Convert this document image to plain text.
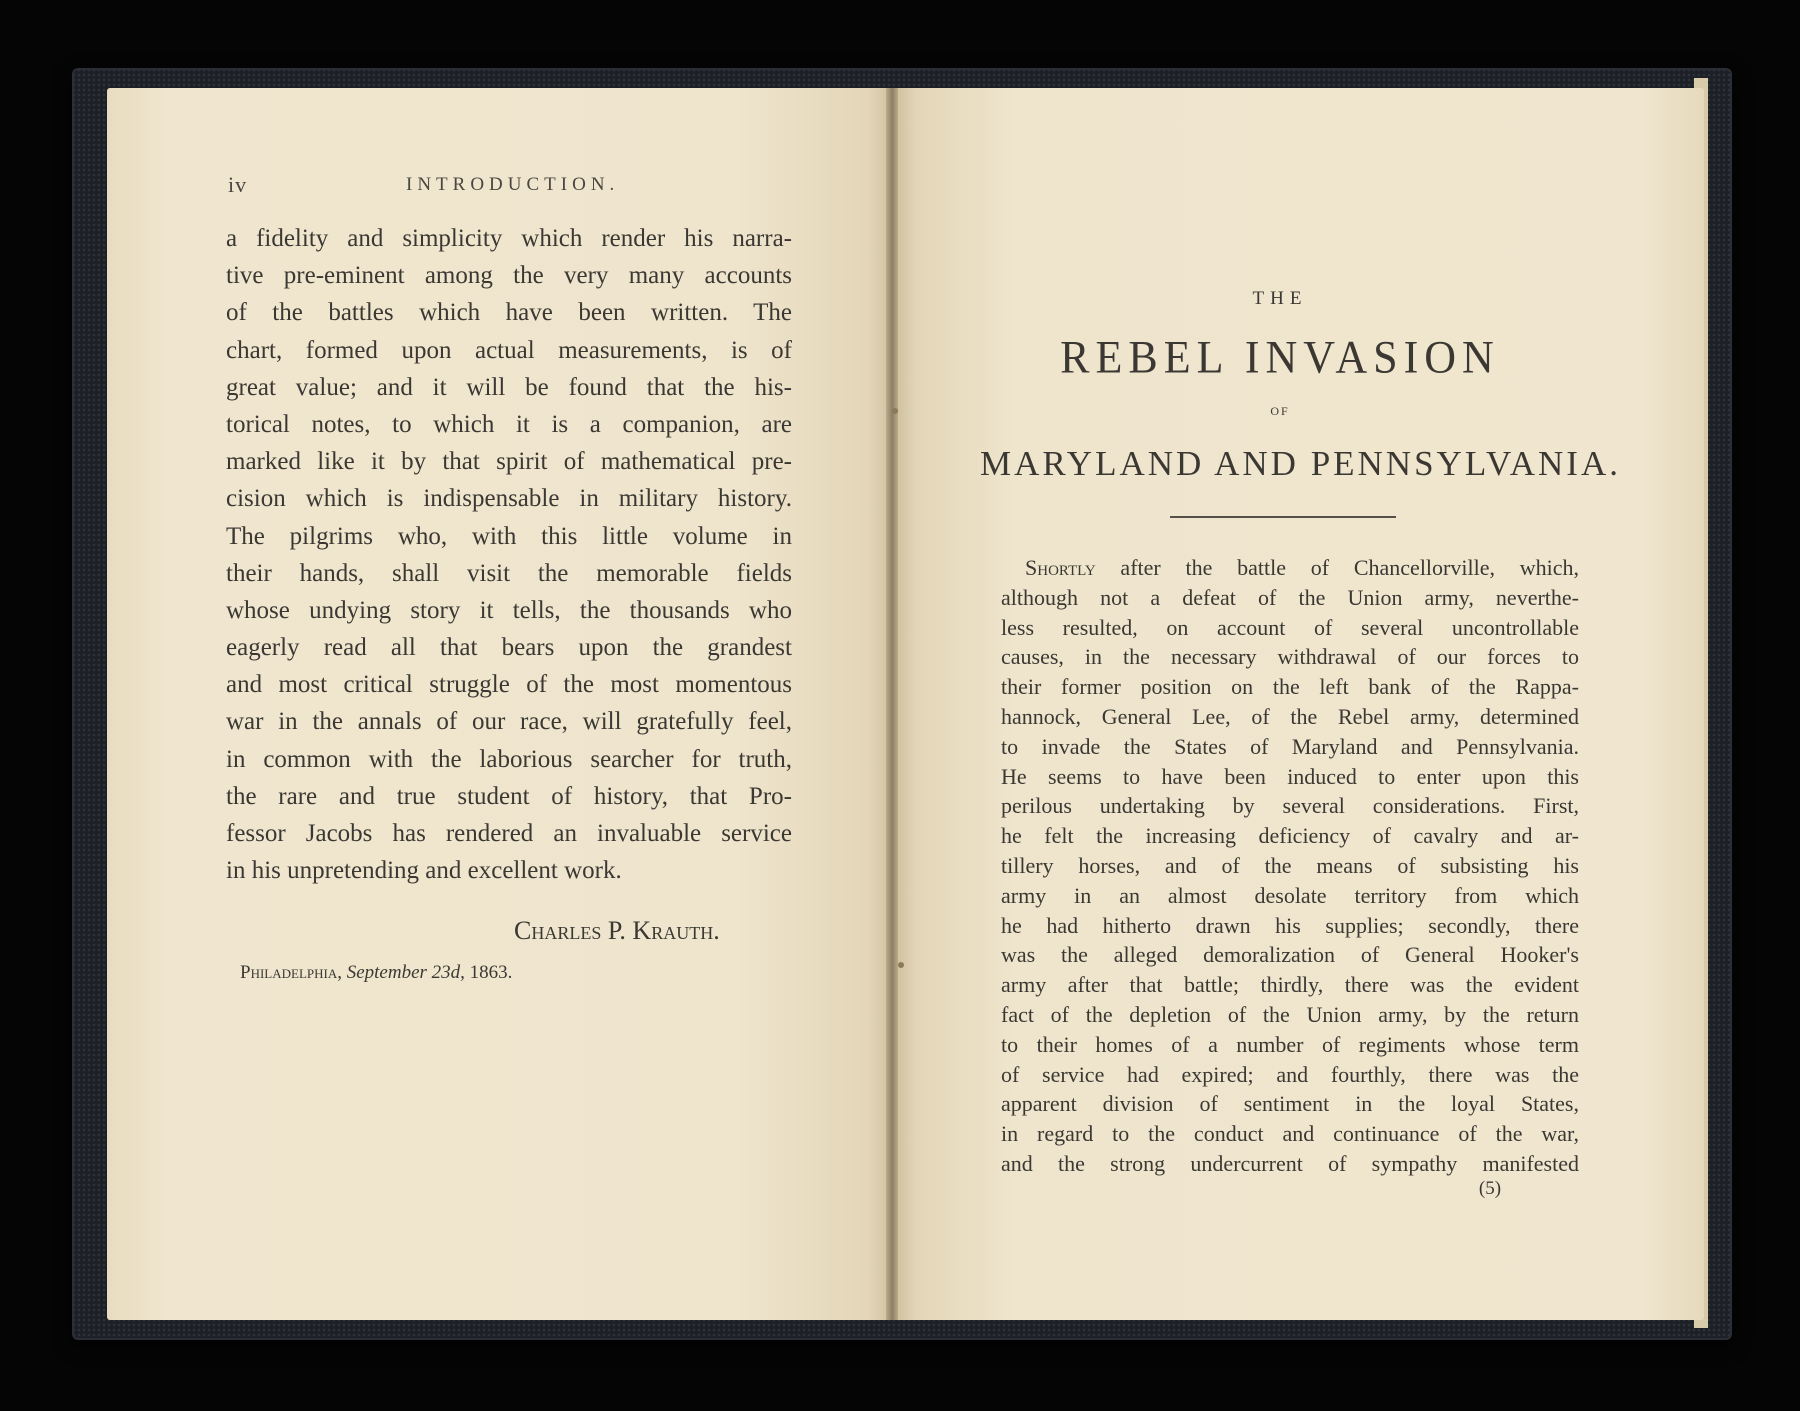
iv	INTRODUCTION.
a fidelity and simplicity which render his narra-
tive pre-eminent among the very many accounts
of the battles which have been written. The
chart, formed upon actual measurements, is of
great value; and it will be found that the his-
torical notes, to which it is a companion, are
marked like it by that spirit of mathematical pre-
cision which is indispensable in military history.
The pilgrims who, with this little volume in
their hands, shall visit the memorable fields
whose undying story it tells, the thousands who
eagerly read all that bears upon the grandest
and most critical struggle of the most momentous
war in the annals of our race, will gratefully feel,
in common with the laborious searcher for truth,
the rare and true student of history, that Pro-
fessor Jacobs has rendered an invaluable service
in his unpretending and excellent work.
Charles P. Krauth.
Philadelphia, September 23d, 1863.
THE
REBEL INVASION
OF
MARYLAND AND PENNSYLVANIA.
Shortly after the battle of Chancellorville, which,
although not a defeat of the Union army, neverthe-
less resulted, on account of several uncontrollable
causes, in the necessary withdrawal of our forces to
their former position on the left bank of the Rappa-
hannock, General Lee, of the Rebel army, determined
to invade the States of Maryland and Pennsylvania.
He seems to have been induced to enter upon this
perilous undertaking by several considerations. First,
he felt the increasing deficiency of cavalry and ar-
tillery horses, and of the means of subsisting his
army in an almost desolate territory from which
he had hitherto drawn his supplies; secondly, there
was the alleged demoralization of General Hooker's
army after that battle; thirdly, there was the evident
fact of the depletion of the Union army, by the return
to their homes of a number of regiments whose term
of service had expired; and fourthly, there was the
apparent division of sentiment in the loyal States,
in regard to the conduct and continuance of the war,
and the strong undercurrent of sympathy manifested
(5)
